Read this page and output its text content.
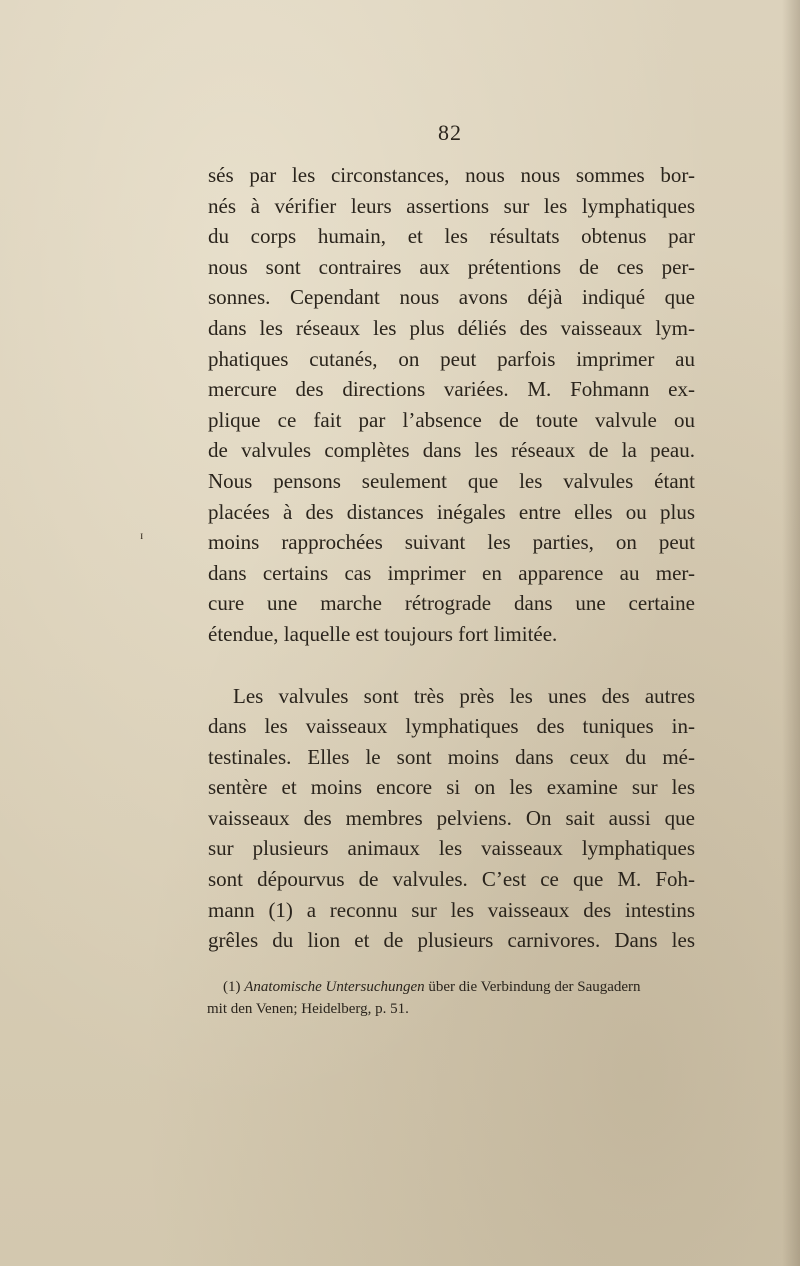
82
ɪ
sés par les circonstances, nous nous sommes bor-
nés à vérifier leurs assertions sur les lymphatiques
du corps humain, et les résultats obtenus par
nous sont contraires aux prétentions de ces per-
sonnes. Cependant nous avons déjà indiqué que
dans les réseaux les plus déliés des vaisseaux lym-
phatiques cutanés, on peut parfois imprimer au
mercure des directions variées. M. Fohmann ex-
plique ce fait par l’absence de toute valvule ou
de valvules complètes dans les réseaux de la peau.
Nous pensons seulement que les valvules étant
placées à des distances inégales entre elles ou plus
moins rapprochées suivant les parties, on peut
dans certains cas imprimer en apparence au mer-
cure une marche rétrograde dans une certaine
étendue, laquelle est toujours fort limitée.
Les valvules sont très près les unes des autres
dans les vaisseaux lymphatiques des tuniques in-
testinales. Elles le sont moins dans ceux du mé-
sentère et moins encore si on les examine sur les
vaisseaux des membres pelviens. On sait aussi que
sur plusieurs animaux les vaisseaux lymphatiques
sont dépourvus de valvules. C’est ce que M. Foh-
mann (1) a reconnu sur les vaisseaux des intestins
grêles du lion et de plusieurs carnivores. Dans les
(1) Anatomische Untersuchungen über die Verbindung der Saugadern
mit den Venen; Heidelberg, p. 51.
